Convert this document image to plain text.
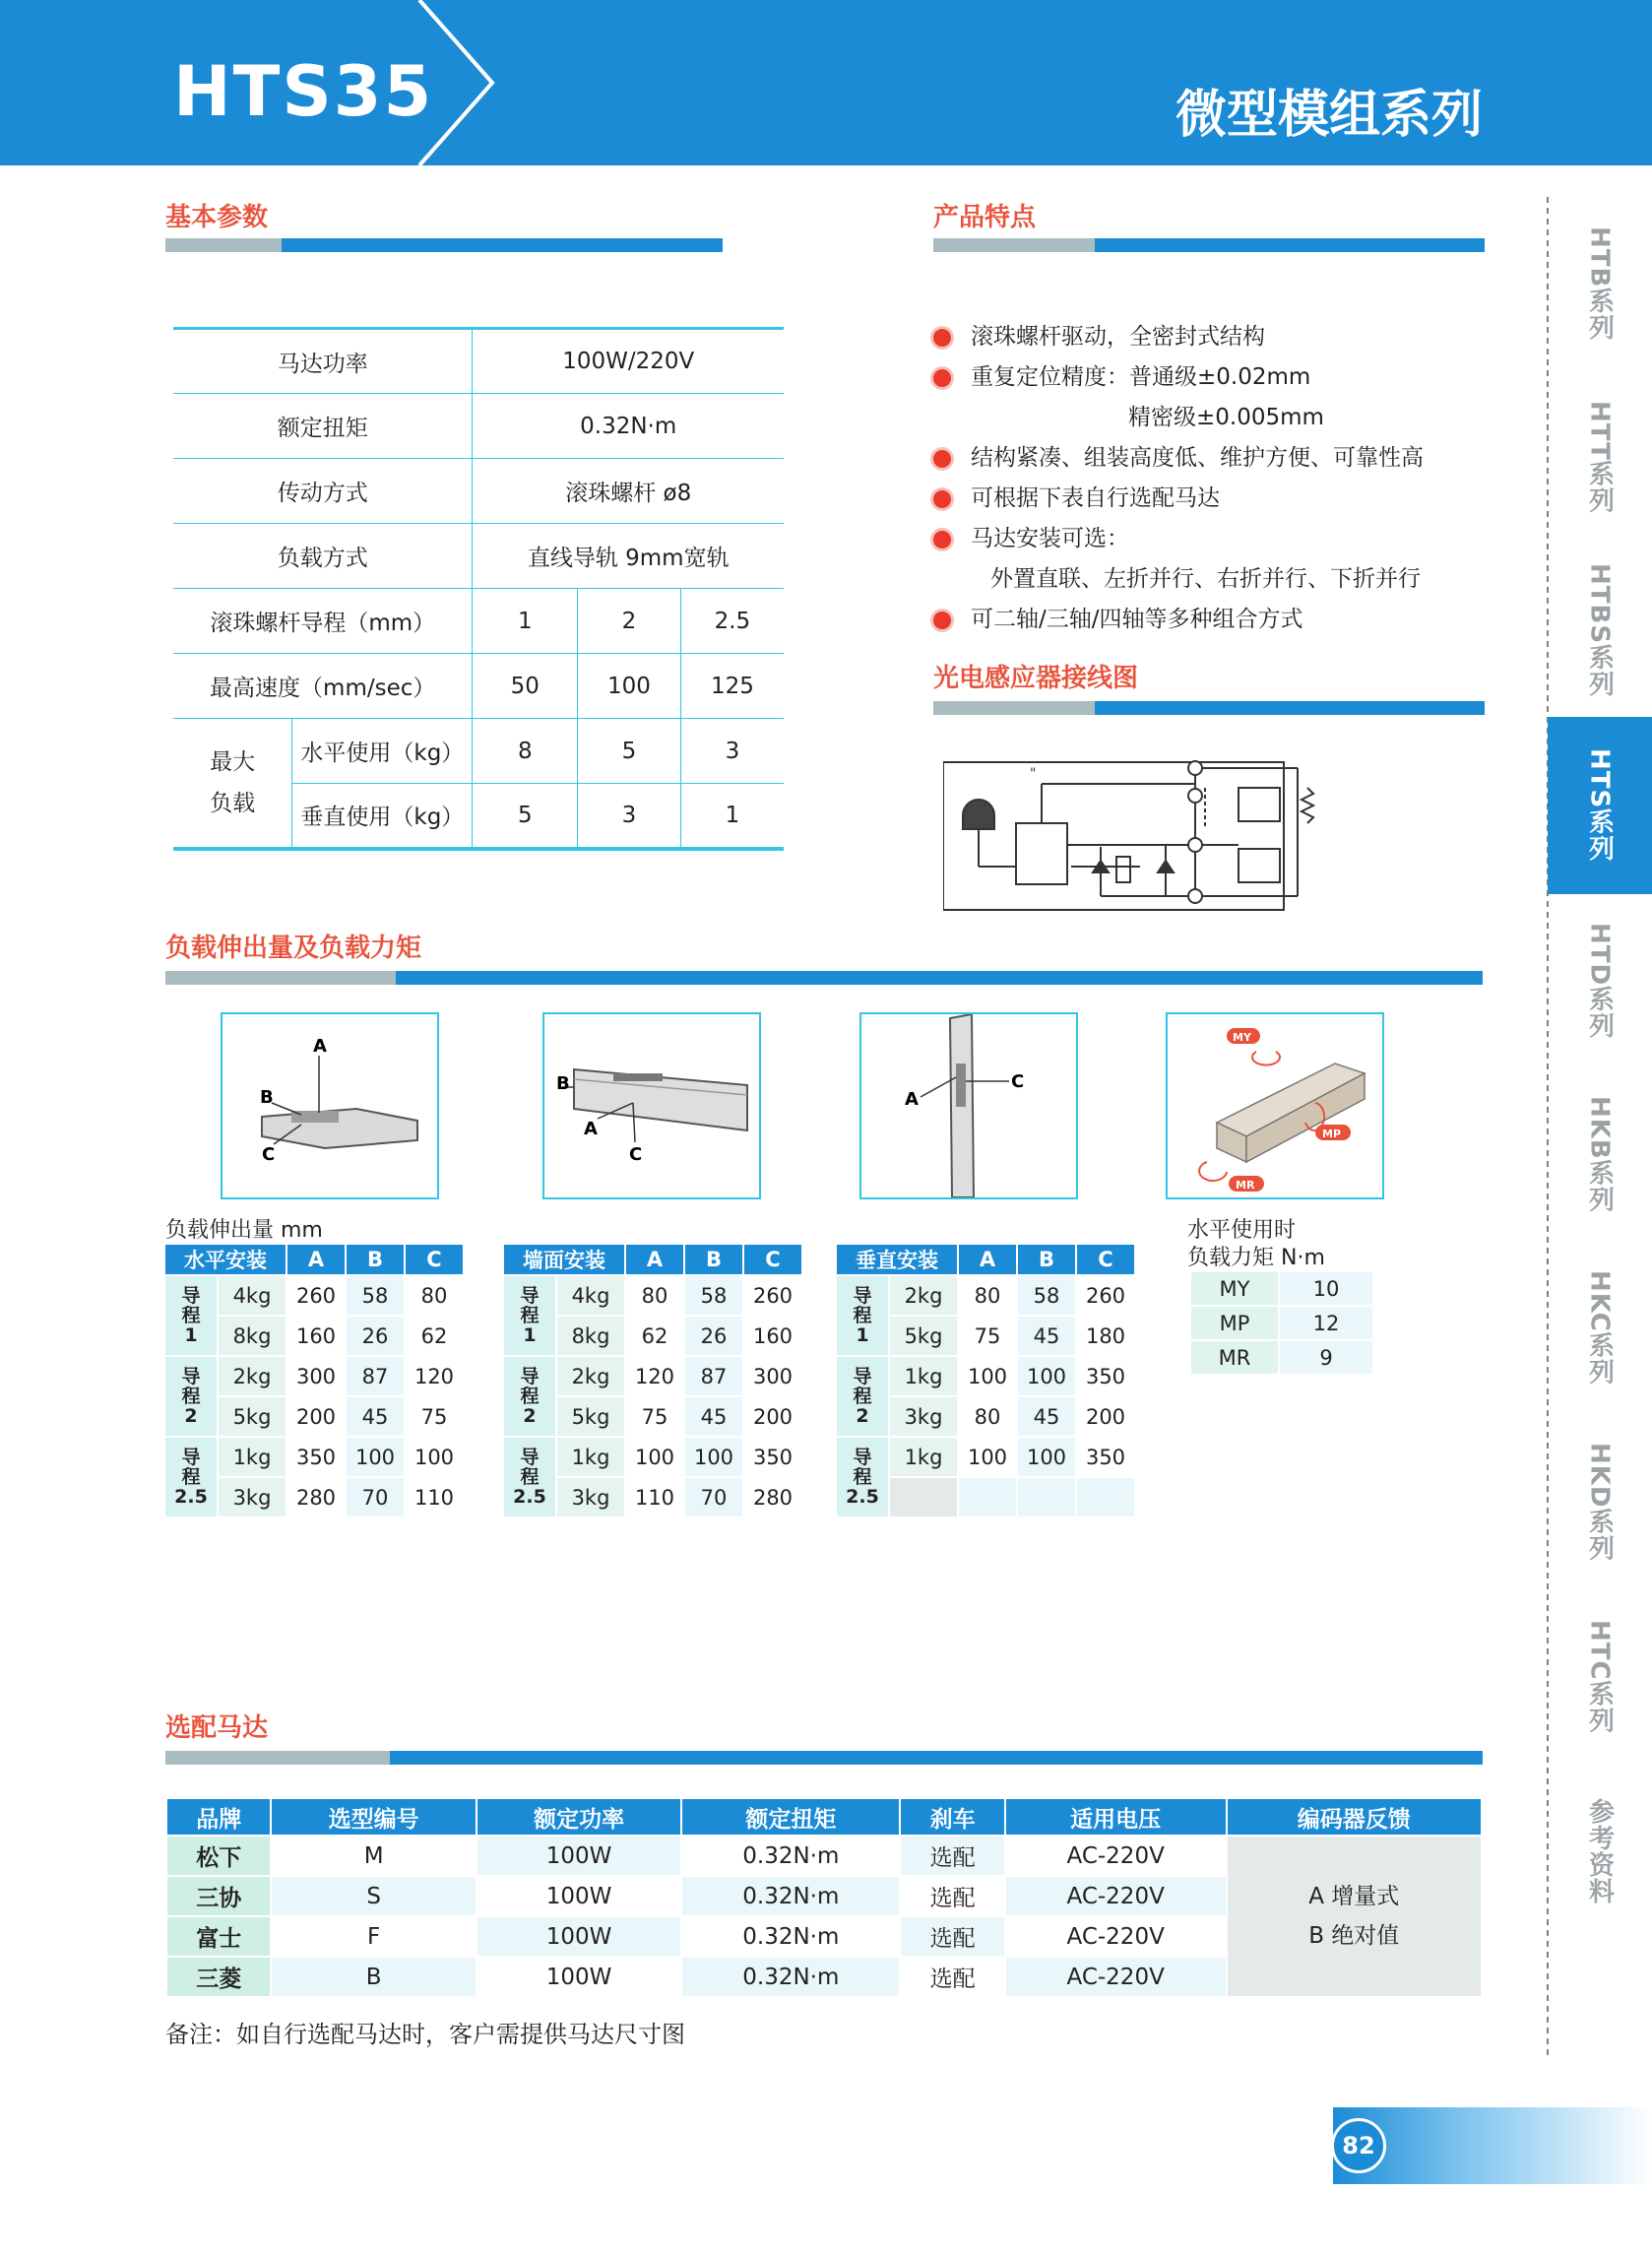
HTS35	微型模组系列
基本参数
马达功率		100W/220V		
额定扭矩		0.32N·m		
传动方式		滚珠螺杆 ø8		
负载方式		直线导轨 9mm宽轨		
滚珠螺杆导程（mm）		1	2	2.5
最高速度（mm/sec）		50	100	125

最大
负载	水平使用（kg）	8	5	3
	垂直使用（kg）	5	3	1
产品特点
滚珠螺杆驱动，全密封式结构
重复定位精度：普通级±0.02mm
精密级±0.005mm
结构紧凑、组装高度低、维护方便、可靠性高
可根据下表自行选配马达
马达安装可选：
外置直联、左折并行、右折并行、下折并行
可二轴/三轴/四轴等多种组合方式
光电感应器接线图
"
负载伸出量及负载力矩
A
B
C
B
A
C
A
C
MY
MP
MR
负载伸出量 mm	水平使用时
负载力矩 N·m
水平安装		A	B	C

导
程
1	4kg	260	58	80
	8kg	160	26	62

导
程
2	2kg	300	87	120
	5kg	200	45	75

导
程
2.5	1kg	350	100	100
	3kg	280	70	110
墙面安装		A	B	C

导
程
1	4kg	80	58	260
	8kg	62	26	160

导
程
2	2kg	120	87	300
	5kg	75	45	200

导
程
2.5	1kg	100	100	350
	3kg	110	70	280
垂直安装		A	B	C

导
程
1	2kg	80	58	260
	5kg	75	45	180

导
程
2	1kg	100	100	350
	3kg	80	45	200

导
程
2.5	1kg	100	100	350

MY	10
MP	12
MR	9
选配马达
品牌	选型编号	额定功率	额定扭矩	刹车	适用电压	编码器反馈
松下	M	100W	0.32N·m	选配	AC-220V	A 增量式
B 绝对值

三协	S	100W	0.32N·m	选配	AC-220V	
富士	F	100W	0.32N·m	选配	AC-220V	
三菱	B	100W	0.32N·m	选配	AC-220V	
备注：如自行选配马达时，客户需提供马达尺寸图
HTB系列
HTT系列
HTBS系列
HTS系列
HTD系列
HKB系列
HKC系列
HKD系列
HTC系列
参考资料
82
